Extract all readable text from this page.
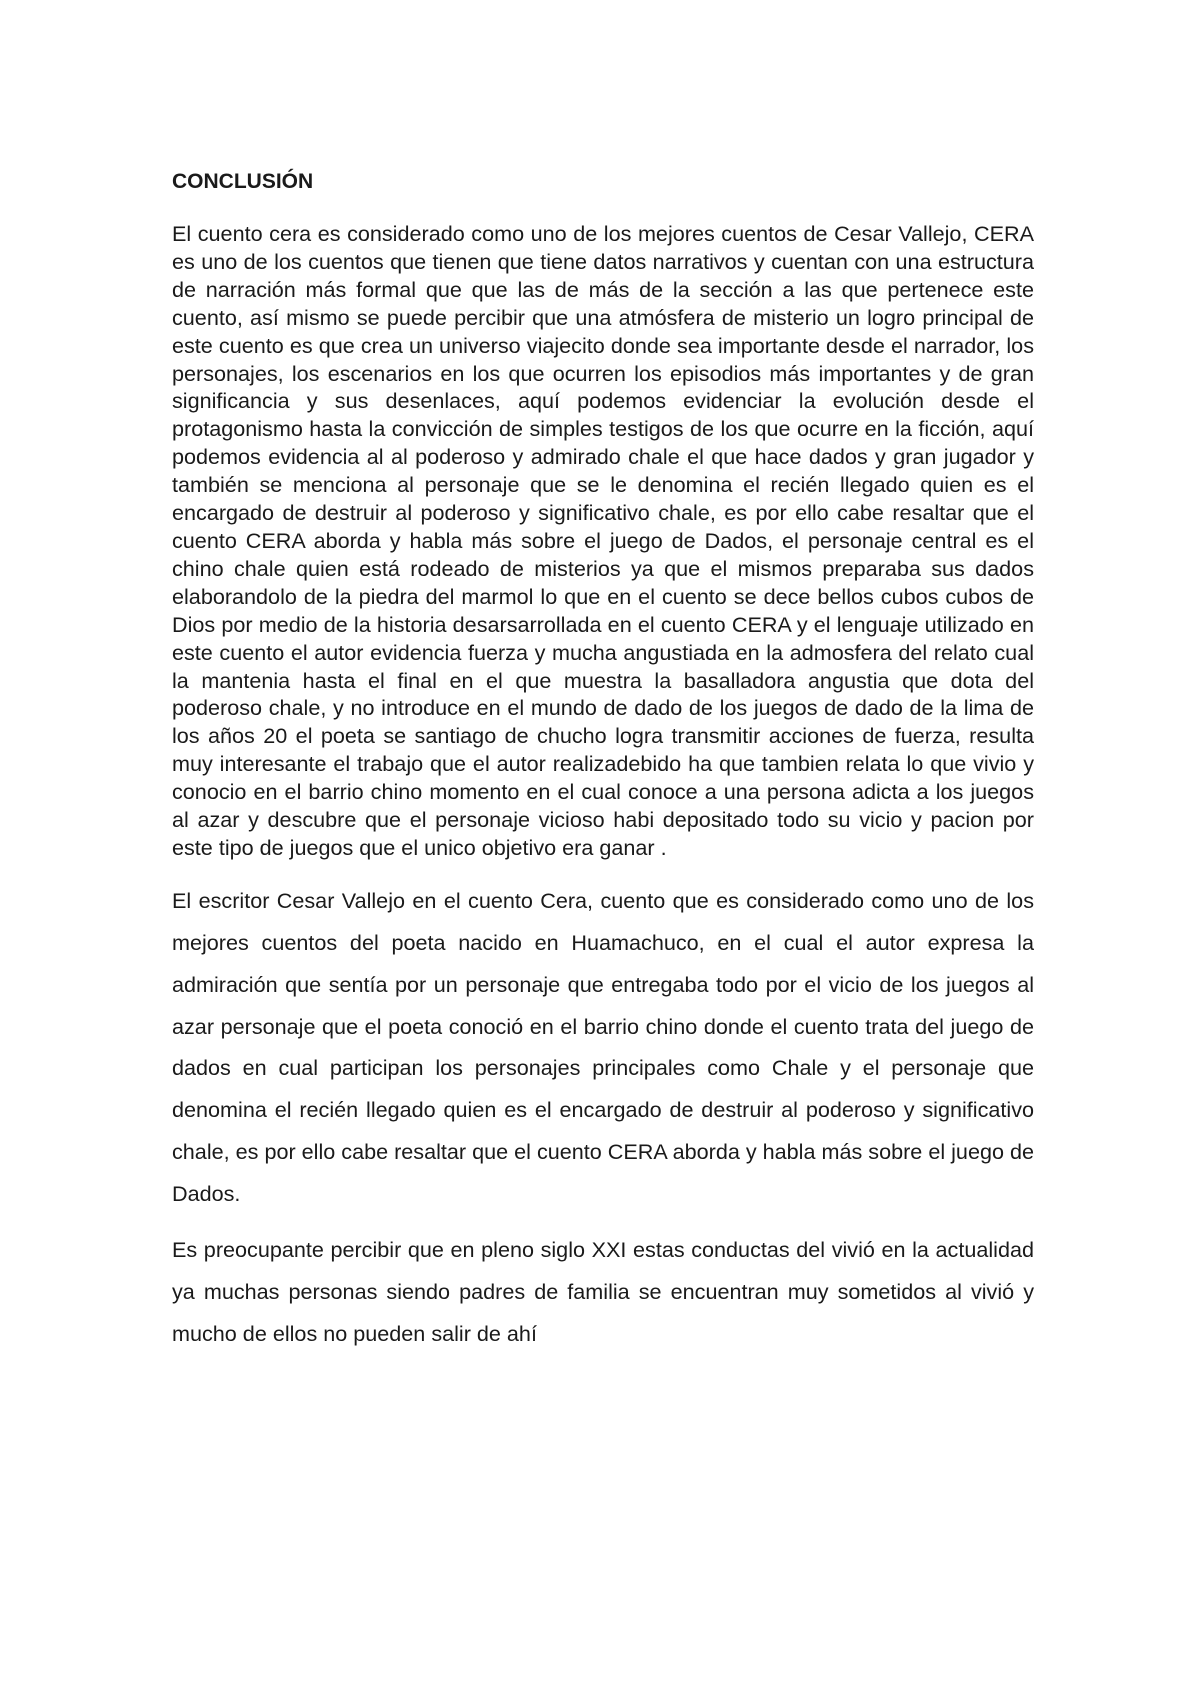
CONCLUSIÓN

El cuento cera es considerado como uno de los mejores cuentos de Cesar Vallejo, CERA es uno de los cuentos que tienen que tiene datos narrativos y cuentan con una estructura de narración más formal que que las de más de la sección a las que pertenece este cuento, así mismo se puede percibir que una atmósfera de misterio un logro principal de este cuento es que crea un universo viajecito donde sea importante desde el narrador, los personajes, los escenarios en los que ocurren los episodios más importantes y de gran significancia y sus desenlaces, aquí podemos evidenciar la evolución desde el protagonismo hasta la convicción de simples testigos de los que ocurre en la ficción, aquí podemos evidencia al al poderoso y admirado chale el que hace dados y gran jugador y también se menciona al personaje que se le denomina el recién llegado quien es el encargado de destruir al poderoso y significativo chale, es por ello cabe resaltar que el cuento CERA aborda y habla más sobre el juego de Dados, el personaje central es el chino chale quien está rodeado de misterios ya que el mismos preparaba sus dados elaborandolo de la piedra del marmol lo que en el cuento se dece bellos cubos cubos de Dios por medio de la historia desarsarrollada en el cuento CERA y el lenguaje utilizado en este cuento el autor evidencia fuerza y mucha angustiada en la admosfera del relato cual la mantenia hasta el final en el que muestra la basalladora angustia que dota del poderoso chale, y no introduce en el mundo de dado de los juegos de dado de la lima de los años 20 el poeta se santiago de chucho logra transmitir acciones de fuerza, resulta muy interesante el trabajo que el autor realizadebido ha que tambien relata lo que vivio y conocio en el barrio chino momento en el cual conoce a una persona adicta a los juegos al azar y descubre que el personaje vicioso habi depositado todo su vicio y pacion por este tipo de juegos que el unico objetivo era ganar .

El escritor Cesar Vallejo en el cuento Cera, cuento que es considerado como uno de los mejores cuentos del poeta nacido en Huamachuco, en el cual el autor expresa la admiración que sentía por un personaje que entregaba todo por el vicio de los juegos al azar personaje que el poeta conoció en el barrio chino donde el cuento trata del juego de dados en cual participan los personajes principales como Chale y el personaje que denomina el recién llegado quien es el encargado de destruir al poderoso y significativo chale, es por ello cabe resaltar que el cuento CERA aborda y habla más sobre el juego de Dados.

Es preocupante percibir que en pleno siglo XXI estas conductas del vivió en la actualidad ya muchas personas siendo padres de familia se encuentran muy sometidos al vivió y mucho de ellos no pueden salir de ahí
